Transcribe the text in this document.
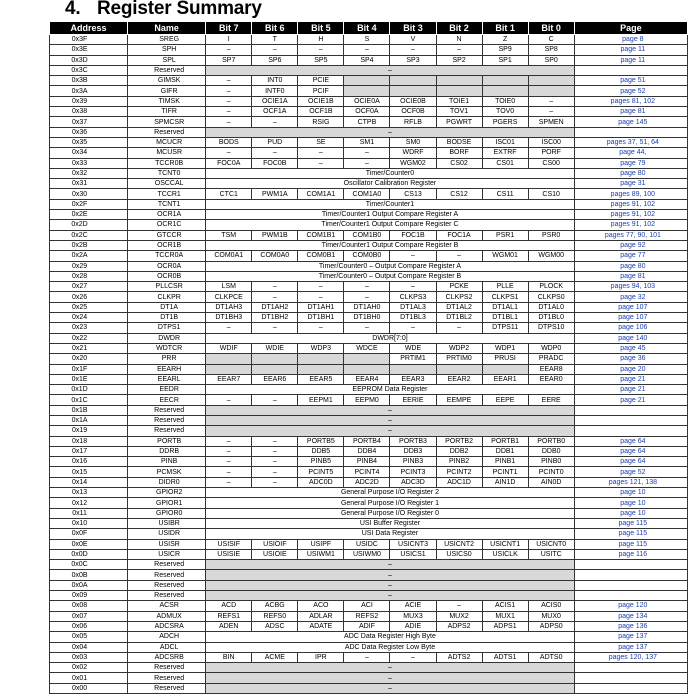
4. Register Summary
Address	Name	Bit 7	Bit 6	Bit 5	Bit 4	Bit 3	Bit 2	Bit 1	Bit 0	Page
0x3F	SREG	I	T	H	S	V	N	Z	C	page 8
0x3E	SPH	–	–	–	–	–	–	SP9	SP8	page 11
0x3D	SPL	SP7	SP6	SP5	SP4	SP3	SP2	SP1	SP0	page 11
0x3C	Reserved	–								
0x3B	GIMSK	–	INT0	PCIE						page 51
0x3A	GIFR	–	INTF0	PCIF						page 52
0x39	TIMSK	–	OCIE1A	OCIE1B	OCIE0A	OCIE0B	TOIE1	TOIE0	–	pages 81, 102
0x38	TIFR	–	OCF1A	OCF1B	OCF0A	OCF0B	TOV1	TOV0	–	page 81
0x37	SPMCSR	–	–	RSIG	CTPB	RFLB	PGWRT	PGERS	SPMEN	page 145
0x36	Reserved	–								
0x35	MCUCR	BODS	PUD	SE	SM1	SM0	BODSE	ISC01	ISC00	pages 37, 51, 64
0x34	MCUSR	–	–	–	–	WDRF	BORF	EXTRF	PORF	page 44,
0x33	TCCR0B	FOC0A	FOC0B	–	–	WGM02	CS02	CS01	CS00	page 79
0x32	TCNT0	Timer/Counter0								page 80
0x31	OSCCAL	Oscillator Calibration Register								page 31
0x30	TCCR1	CTC1	PWM1A	COM1A1	COM1A0	CS13	CS12	CS11	CS10	pages 89, 100
0x2F	TCNT1	Timer/Counter1								pages 91, 102
0x2E	OCR1A	Timer/Counter1 Output Compare Register A								pages 91, 102
0x2D	OCR1C	Timer/Counter1 Output Compare Register C								pages 91, 102
0x2C	GTCCR	TSM	PWM1B	COM1B1	COM1B0	FOC1B	FOC1A	PSR1	PSR0	pages 77, 90, 101
0x2B	OCR1B	Timer/Counter1 Output Compare Register B								page 92
0x2A	TCCR0A	COM0A1	COM0A0	COM0B1	COM0B0	–	–	WGM01	WGM00	page 77
0x29	OCR0A	Timer/Counter0 – Output Compare Register A								page 80
0x28	OCR0B	Timer/Counter0 – Output Compare Register B								page 81
0x27	PLLCSR	LSM	–	–	–	–	PCKE	PLLE	PLOCK	pages 94, 103
0x26	CLKPR	CLKPCE	–	–	–	CLKPS3	CLKPS2	CLKPS1	CLKPS0	page 32
0x25	DT1A	DT1AH3	DT1AH2	DT1AH1	DT1AH0	DT1AL3	DT1AL2	DT1AL1	DT1AL0	page 107
0x24	DT1B	DT1BH3	DT1BH2	DT1BH1	DT1BH0	DT1BL3	DT1BL2	DT1BL1	DT1BL0	page 107
0x23	DTPS1	–	–	–	–	–	–	DTPS11	DTPS10	page 106
0x22	DWDR	DWDR[7:0]								page 140
0x21	WDTCR	WDIF	WDIE	WDP3	WDCE	WDE	WDP2	WDP1	WDP0	page 45
0x20	PRR					PRTIM1	PRTIM0	PRUSI	PRADC	page 36
0x1F	EEARH								EEAR8	page 20
0x1E	EEARL	EEAR7	EEAR6	EEAR5	EEAR4	EEAR3	EEAR2	EEAR1	EEAR0	page 21
0x1D	EEDR	EEPROM Data Register								page 21
0x1C	EECR	–	–	EEPM1	EEPM0	EERIE	EEMPE	EEPE	EERE	page 21
0x1B	Reserved	–								
0x1A	Reserved	–								
0x19	Reserved	–								
0x18	PORTB	–	–	PORTB5	PORTB4	PORTB3	PORTB2	PORTB1	PORTB0	page 64
0x17	DDRB	–	–	DDB5	DDB4	DDB3	DDB2	DDB1	DDB0	page 64
0x16	PINB	–	–	PINB5	PINB4	PINB3	PINB2	PINB1	PINB0	page 64
0x15	PCMSK	–	–	PCINT5	PCINT4	PCINT3	PCINT2	PCINT1	PCINT0	page 52
0x14	DIDR0	–	–	ADC0D	ADC2D	ADC3D	ADC1D	AIN1D	AIN0D	pages 121, 138
0x13	GPIOR2	General Purpose I/O Register 2								page 10
0x12	GPIOR1	General Purpose I/O Register 1								page 10
0x11	GPIOR0	General Purpose I/O Register 0								page 10
0x10	USIBR	USI Buffer Register								page 115
0x0F	USIDR	USI Data Register								page 115
0x0E	USISR	USISIF	USIOIF	USIPF	USIDC	USICNT3	USICNT2	USICNT1	USICNT0	page 115
0x0D	USICR	USISIE	USIOIE	USIWM1	USIWM0	USICS1	USICS0	USICLK	USITC	page 116
0x0C	Reserved	–								
0x0B	Reserved	–								
0x0A	Reserved	–								
0x09	Reserved	–								
0x08	ACSR	ACD	ACBG	ACO	ACI	ACIE	–	ACIS1	ACIS0	page 120
0x07	ADMUX	REFS1	REFS0	ADLAR	REFS2	MUX3	MUX2	MUX1	MUX0	page 134
0x06	ADCSRA	ADEN	ADSC	ADATE	ADIF	ADIE	ADPS2	ADPS1	ADPS0	page 136
0x05	ADCH	ADC Data Register High Byte								page 137
0x04	ADCL	ADC Data Register Low Byte								page 137
0x03	ADCSRB	BIN	ACME	IPR	–	–	ADTS2	ADTS1	ADTS0	pages 120, 137
0x02	Reserved	–								
0x01	Reserved	–								
0x00	Reserved	–								
